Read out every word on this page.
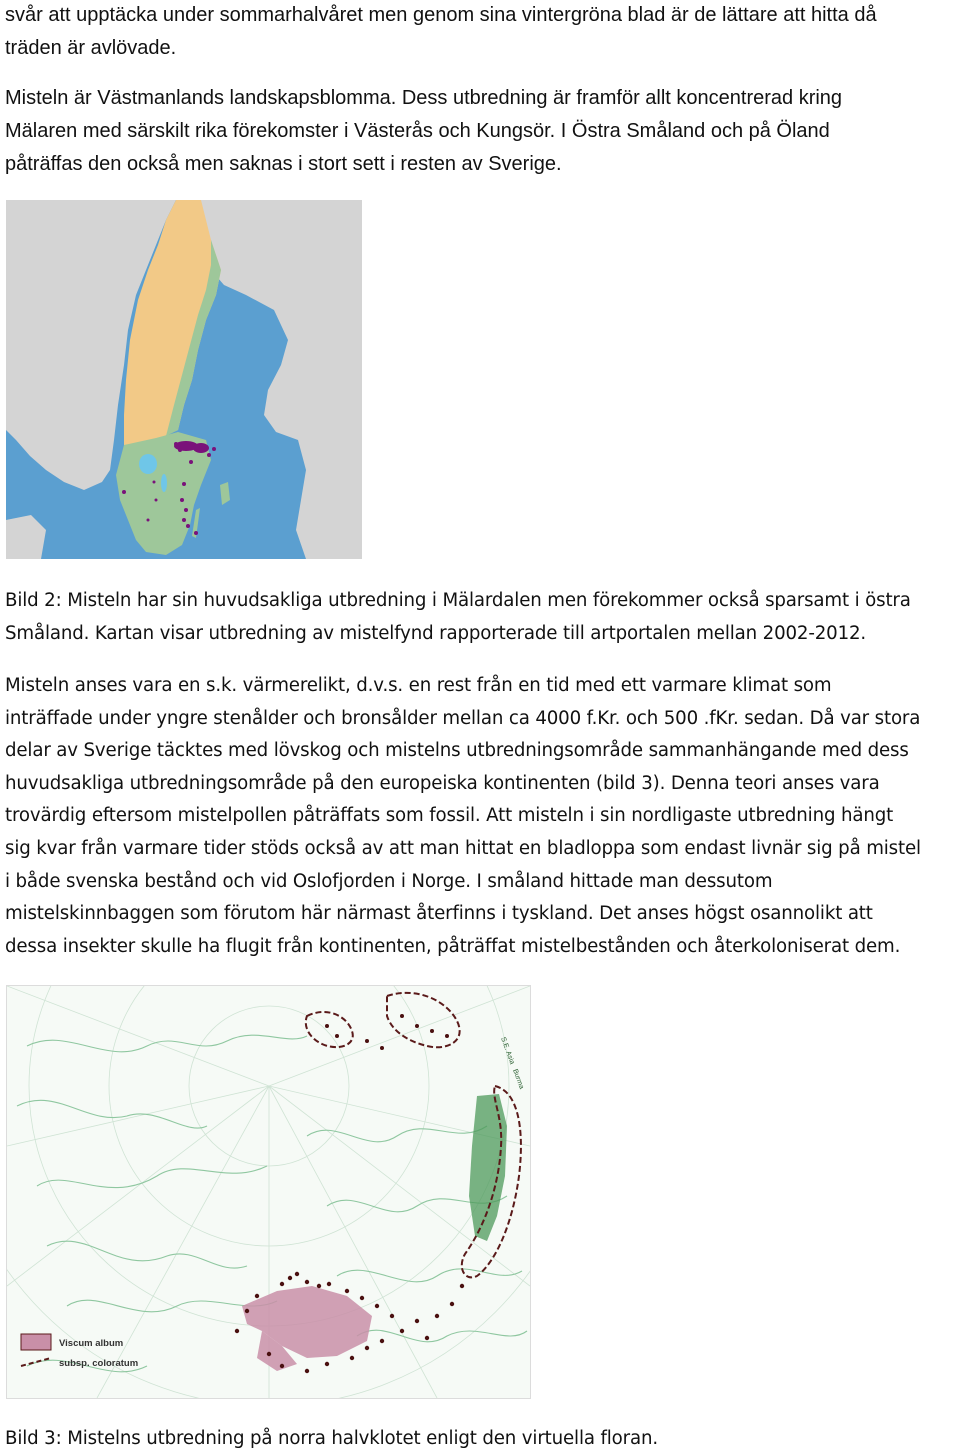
svår att upptäcka under sommarhalvåret men genom sina vintergröna blad är de lättare att hitta då
träden är avlövade.
Misteln är Västmanlands landskapsblomma. Dess utbredning är framför allt koncentrerad kring
Mälaren med särskilt rika förekomster i Västerås och Kungsör. I Östra Småland och på Öland
påträffas den också men saknas i stort sett i resten av Sverige.
Bild 2: Misteln har sin huvudsakliga utbredning i Mälardalen men förekommer också sparsamt i östra
Småland. Kartan visar utbredning av mistelfynd rapporterade till artportalen mellan 2002-2012.
Misteln anses vara en s.k. värmerelikt, d.v.s. en rest från en tid med ett varmare klimat som
inträffade under yngre stenålder och bronsålder mellan ca 4000 f.Kr. och 500 .fKr. sedan. Då var stora
delar av Sverige täcktes med lövskog och mistelns utbredningsområde sammanhängande med dess
huvudsakliga utbredningsområde på den europeiska kontinenten (bild 3). Denna teori anses vara
trovärdig eftersom mistelpollen påträffats som fossil. Att misteln i sin nordligaste utbredning hängt
sig kvar från varmare tider stöds också av att man hittat en bladloppa som endast livnär sig på mistel
i både svenska bestånd och vid Oslofjorden i Norge. I småland hittade man dessutom
mistelskinnbaggen som förutom här närmast återfinns i tyskland. Det anses högst osannolikt att
dessa insekter skulle ha flugit från kontinenten, påträffat mistelbestånden och återkoloniserat dem.
Viscum album
subsp. coloratum
S.E. Asia
Burma
Bild 3: Mistelns utbredning på norra halvklotet enligt den virtuella floran.
